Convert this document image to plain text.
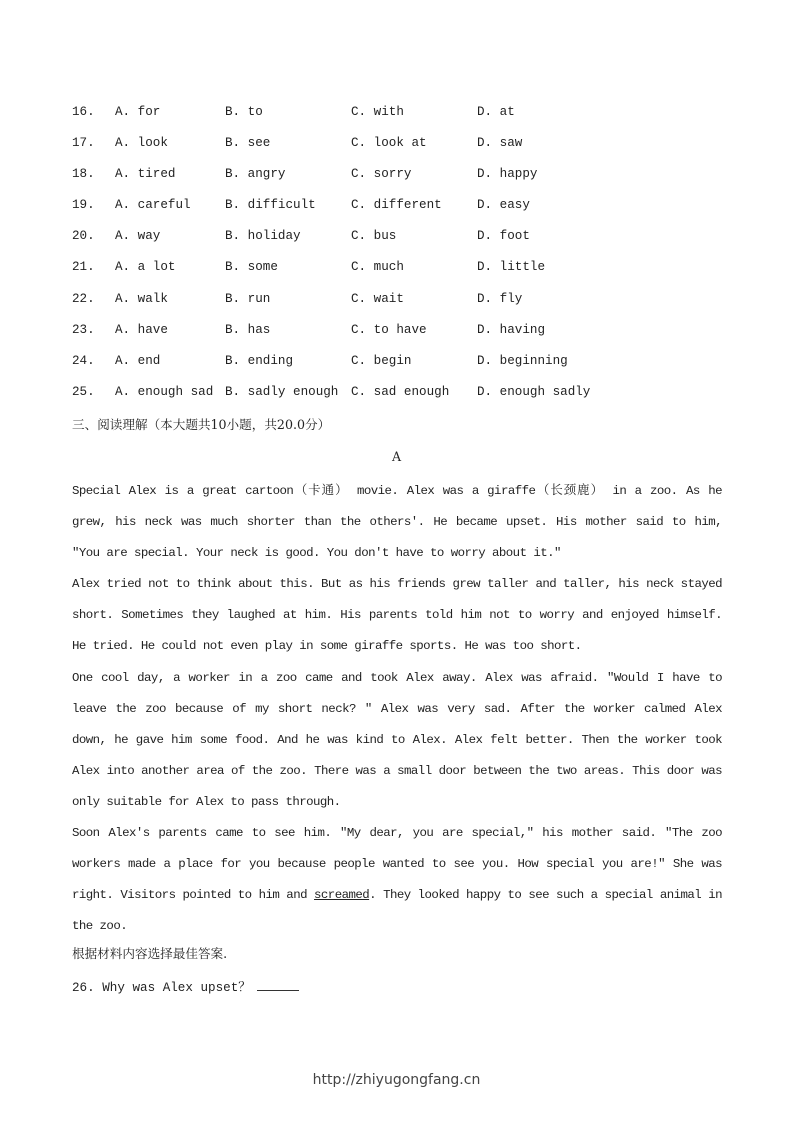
16. A. for	B. to	C. with	D. at
17. A. look	B. see	C. look at	D. saw
18. A. tired	B. angry	C. sorry	D. happy
19. A. careful	B. difficult	C. different	D. easy
20. A. way	B. holiday	C. bus	D. foot
21. A. a lot	B. some	C. much	D. little
22. A. walk	B. run	C. wait	D. fly
23. A. have	B. has	C. to have	D. having
24. A. end	B. ending	C. begin	D. beginning
25. A. enough sad B. sadly enough C. sad enough D. enough sadly
三、阅读理解（本大题共10小题，共20.0分）
A

Special Alex is a great cartoon（卡通） movie. Alex was a giraffe（长颈鹿） in a zoo. As he grew, his neck was much shorter than the others'. He became upset. His mother said to him, "You are special. Your neck is good. You don't have to worry about it."

Alex tried not to think about this. But as his friends grew taller and taller, his neck stayed short. Sometimes they laughed at him. His parents told him not to worry and enjoyed himself. He tried. He could not even play in some giraffe sports. He was too short.

One cool day, a worker in a zoo came and took Alex away. Alex was afraid. "Would I have to leave the zoo because of my short neck? " Alex was very sad. After the worker calmed Alex down, he gave him some food. And he was kind to Alex. Alex felt better. Then the worker took Alex into another area of the zoo. There was a small door between the two areas. This door was only suitable for Alex to pass through.

Soon Alex's parents came to see him. "My dear, you are special," his mother said. "The zoo workers made a place for you because people wanted to see you. How special you are!" She was right. Visitors pointed to him and screamed. They looked happy to see such a special animal in the zoo.

根据材料内容选择最佳答案.
26. Why was Alex upset？
http://zhiyugongfang.cn
